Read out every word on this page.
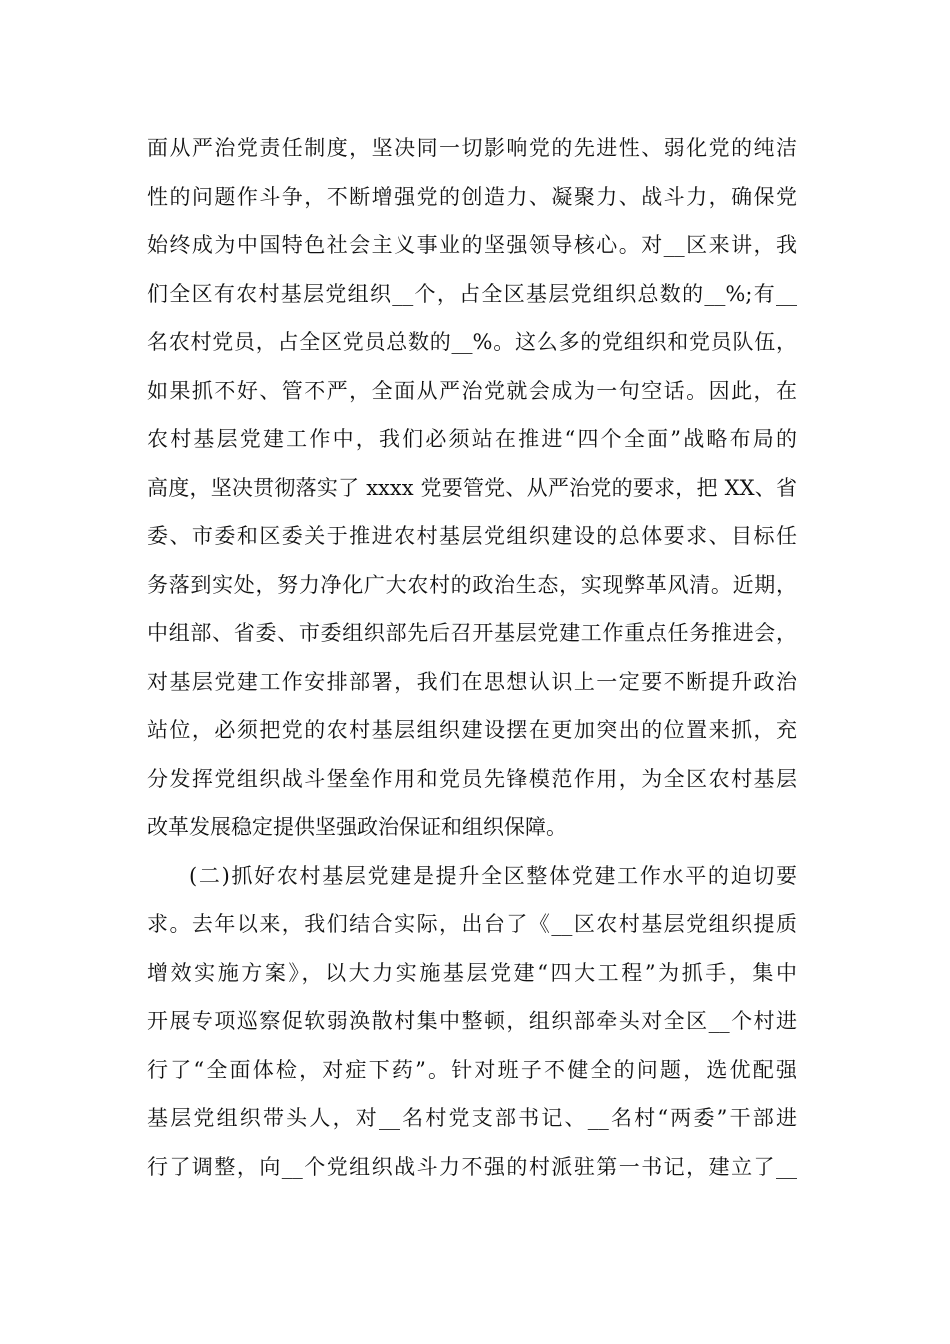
面从严治党责任制度，坚决同一切影响党的先进性、弱化党的纯洁
性的问题作斗争，不断增强党的创造力、凝聚力、战斗力，确保党
始终成为中国特色社会主义事业的坚强领导核心。对__区来讲，我
们全区有农村基层党组织__个，占全区基层党组织总数的__%;有__
名农村党员，占全区党员总数的__%。这么多的党组织和党员队伍，
如果抓不好、管不严，全面从严治党就会成为一句空话。因此，在
农村基层党建工作中，我们必须站在推进“四个全面”战略布局的
高度，坚决贯彻落实了 xxxx 党要管党、从严治党的要求，把 XX、省
委、市委和区委关于推进农村基层党组织建设的总体要求、目标任
务落到实处，努力净化广大农村的政治生态，实现弊革风清。近期，
中组部、省委、市委组织部先后召开基层党建工作重点任务推进会，
对基层党建工作安排部署，我们在思想认识上一定要不断提升政治
站位，必须把党的农村基层组织建设摆在更加突出的位置来抓，充
分发挥党组织战斗堡垒作用和党员先锋模范作用，为全区农村基层
改革发展稳定提供坚强政治保证和组织保障。
(二)抓好农村基层党建是提升全区整体党建工作水平的迫切要
求。去年以来，我们结合实际，出台了《__区农村基层党组织提质
增效实施方案》，以大力实施基层党建“四大工程”为抓手，集中
开展专项巡察促软弱涣散村集中整顿，组织部牵头对全区__个村进
行了“全面体检，对症下药”。针对班子不健全的问题，选优配强
基层党组织带头人，对__名村党支部书记、__名村“两委”干部进
行了调整，向__个党组织战斗力不强的村派驻第一书记，建立了__
